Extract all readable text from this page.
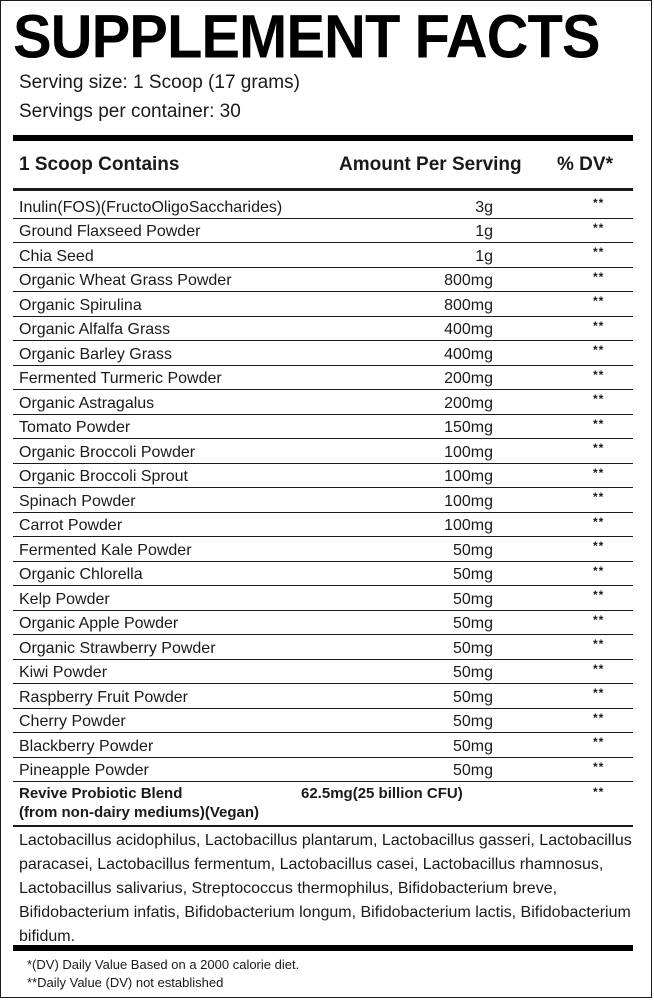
SUPPLEMENT FACTS
Serving size: 1 Scoop (17 grams)
Servings per container: 30
1 Scoop Contains	Amount Per Serving % DV*
Inulin(FOS)(FructoOligoSaccharides)	3g	**
Ground Flaxseed Powder	1g	**
Chia Seed	1g	**
Organic Wheat Grass Powder	800mg	**
Organic Spirulina	800mg	**
Organic Alfalfa Grass	400mg	**
Organic Barley Grass	400mg	**
Fermented Turmeric Powder	200mg	**
Organic Astragalus	200mg	**
Tomato Powder	150mg	**
Organic Broccoli Powder	100mg	**
Organic Broccoli Sprout	100mg	**
Spinach Powder	100mg	**
Carrot Powder	100mg	**
Fermented Kale Powder	50mg	**
Organic Chlorella	50mg	**
Kelp Powder	50mg	**
Organic Apple Powder	50mg	**
Organic Strawberry Powder	50mg	**
Kiwi Powder	50mg	**
Raspberry Fruit Powder	50mg	**
Cherry Powder	50mg	**
Blackberry Powder	50mg	**
Pineapple Powder	50mg	**
Revive Probiotic Blend
(from non-dairy mediums)(Vegan)
62.5mg(25 billion CFU)	**

Lactobacillus acidophilus, Lactobacillus plantarum, Lactobacillus gasseri, Lactobacillus paracasei, Lactobacillus fermentum, Lactobacillus casei, Lactobacillus rhamnosus, Lactobacillus salivarius, Streptococcus thermophilus, Bifidobacterium breve, Bifidobacterium infatis, Bifidobacterium longum, Bifidobacterium lactis, Bifidobacterium bifidum.

*(DV) Daily Value Based on a 2000 calorie diet.
**Daily Value (DV) not established
